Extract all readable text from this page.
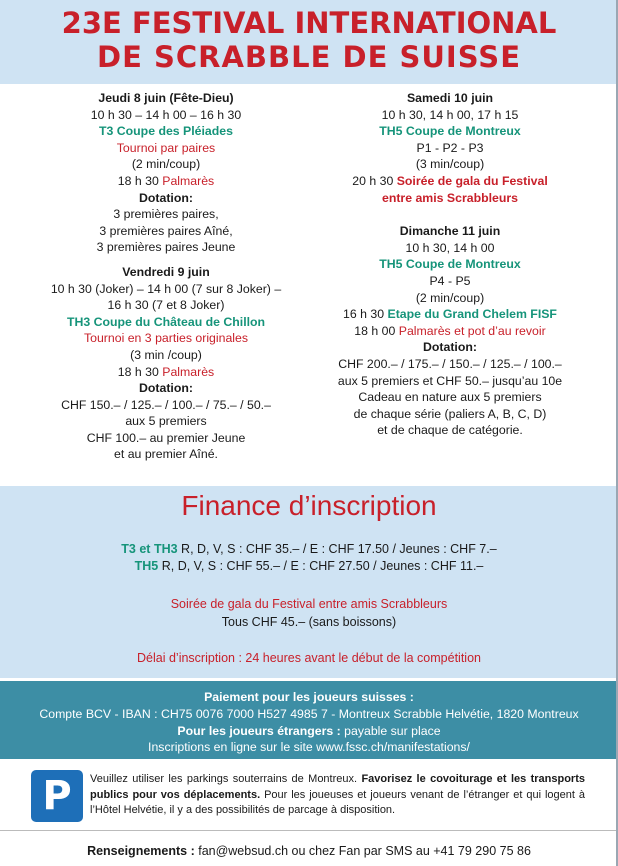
23E FESTIVAL INTERNATIONAL
DE SCRABBLE DE SUISSE
Jeudi 8 juin (Fête-Dieu)
10 h 30 – 14 h 00 – 16 h 30
T3 Coupe des Pléiades
Tournoi par paires
(2 min/coup)
18 h 30 Palmarès
Dotation:
3 premières paires,
3 premières paires Aîné,
3 premières paires Jeune
Vendredi 9 juin
10 h 30 (Joker) – 14 h 00 (7 sur 8 Joker) –
16 h 30 (7 et 8 Joker)
TH3 Coupe du Château de Chillon
Tournoi en 3 parties originales
(3 min /coup)
18 h 30 Palmarès
Dotation:
CHF 150.– / 125.– / 100.– / 75.– / 50.–
aux 5 premiers
CHF 100.– au premier Jeune
et au premier Aîné.
Samedi 10 juin
10 h 30, 14 h 00, 17 h 15
TH5 Coupe de Montreux
P1 - P2 - P3
(3 min/coup)
20 h 30 Soirée de gala du Festival
entre amis Scrabbleurs
Dimanche 11 juin
10 h 30, 14 h 00
TH5 Coupe de Montreux
P4 - P5
(2 min/coup)
16 h 30 Etape du Grand Chelem FISF
18 h 00 Palmarès et pot d’au revoir
Dotation:
CHF 200.– / 175.– / 150.– / 125.– / 100.–
aux 5 premiers et CHF 50.– jusqu’au 10e
Cadeau en nature aux 5 premiers
de chaque série (paliers A, B, C, D)
et de chaque de catégorie.
Finance d’inscription
T3 et TH3 R, D, V, S : CHF 35.– / E : CHF 17.50 / Jeunes : CHF 7.–
TH5 R, D, V, S : CHF 55.– / E : CHF 27.50 / Jeunes : CHF 11.–
Soirée de gala du Festival entre amis Scrabbleurs
Tous CHF 45.– (sans boissons)
Délai d’inscription : 24 heures avant le début de la compétition
Paiement pour les joueurs suisses :
Compte BCV - IBAN : CH75 0076 7000 H527 4985 7 - Montreux Scrabble Helvétie, 1820 Montreux
Pour les joueurs étrangers : payable sur place
Inscriptions en ligne sur le site www.fssc.ch/manifestations/
P	Veuillez utiliser les parkings souterrains de Montreux. Favorisez le covoiturage et les transports publics pour vos déplacements. Pour les joueuses et joueurs venant de l’étranger et qui logent à l’Hôtel Helvétie, il y a des possibilités de parcage à disposition.
Renseignements : fan@websud.ch ou chez Fan par SMS au +41 79 290 75 86
